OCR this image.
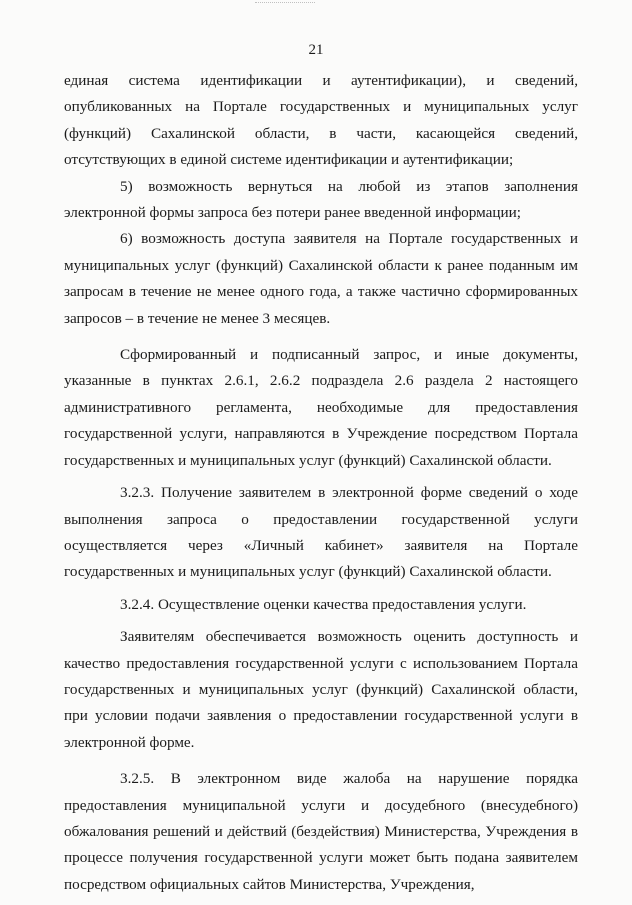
21

единая система идентификации и аутентификации), и сведений, опубликованных на Портале государственных и муниципальных услуг (функций) Сахалинской области, в части, касающейся сведений, отсутствующих в единой системе идентификации и аутентификации;

5) возможность вернуться на любой из этапов заполнения электронной формы запроса без потери ранее введенной информации;

6) возможность доступа заявителя на Портале государственных и муниципальных услуг (функций) Сахалинской области к ранее поданным им запросам в течение не менее одного года, а также частично сформированных запросов – в течение не менее 3 месяцев.

Сформированный и подписанный запрос, и иные документы, указанные в пунктах 2.6.1, 2.6.2 подраздела 2.6 раздела 2 настоящего административного регламента, необходимые для предоставления государственной услуги, направляются в Учреждение посредством Портала государственных и муниципальных услуг (функций) Сахалинской области.

3.2.3. Получение заявителем в электронной форме сведений о ходе выполнения запроса о предоставлении государственной услуги осуществляется через «Личный кабинет» заявителя на Портале государственных и муниципальных услуг (функций) Сахалинской области.

3.2.4. Осуществление оценки качества предоставления услуги.

Заявителям обеспечивается возможность оценить доступность и качество предоставления государственной услуги с использованием Портала государственных и муниципальных услуг (функций) Сахалинской области, при условии подачи заявления о предоставлении государственной услуги в электронной форме.

3.2.5. В электронном виде жалоба на нарушение порядка предоставления муниципальной услуги и досудебного (внесудебного) обжалования решений и действий (бездействия) Министерства, Учреждения в процессе получения государственной услуги может быть подана заявителем посредством официальных сайтов Министерства, Учреждения,
